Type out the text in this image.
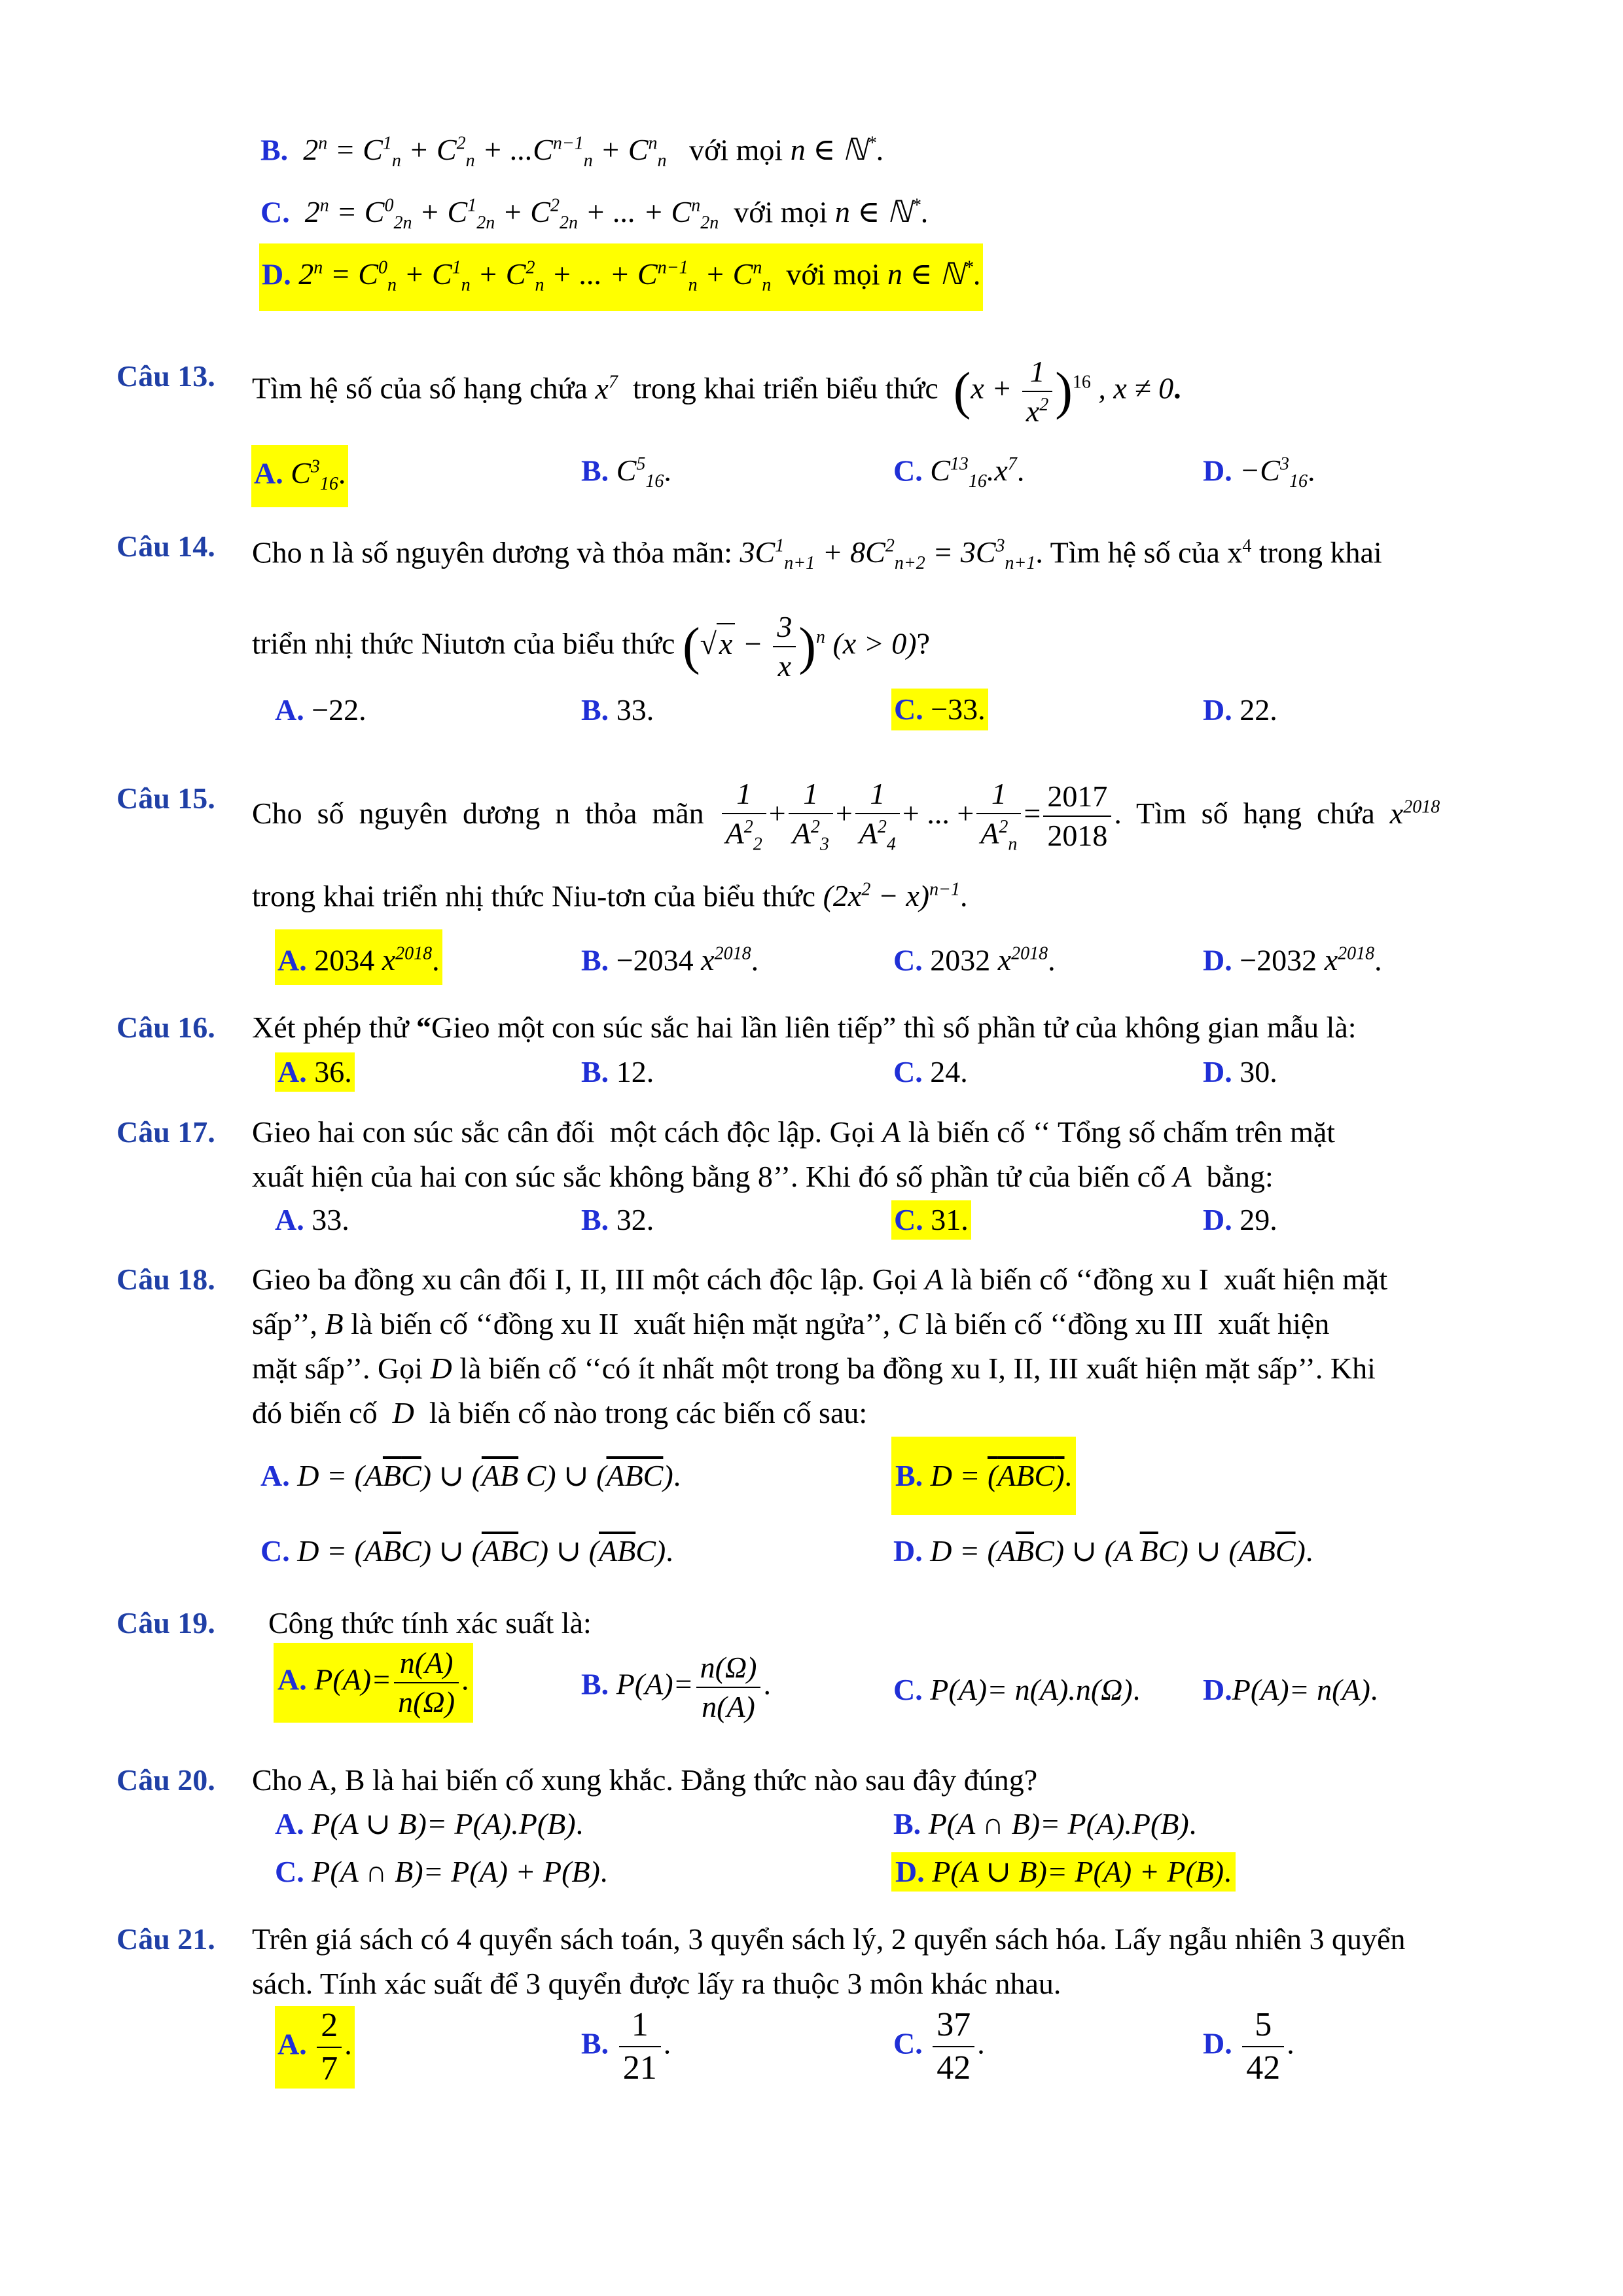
B. $2^n = C^1_n + C^2_n + ...C^{n-1}_n + C^n_n$   với mọi n ∈ ℕ*.
C. $2^n = C^0_{2n} + C^1_{2n} + C^2_{2n}$ + ... + $C^n_{2n}$  với mọi n ∈ ℕ*.
D. $2^n = C^0_n + C^1_n + C^2_n$ + ... + $C^{n-1}_n + C^n_n$  với mọi n ∈ ℕ*.
Câu 13. Tìm hệ số của số hạng chứa $x^7$  trong khai triển biểu thức  $(x + \frac{1}{x^2} )^{16}$ , x ≠ 0.
A. $C^3_{16}$.	B. $C^5_{16}$.	C. $C^{13}_{16}.x^7$.	D. $-C^3_{16}$.
Câu 14. Cho n là số nguyên dương và thỏa mãn: $3C^1_{n+1} + 8C^2_{n+2} = 3C^3_{n+1}$. Tìm hệ số của $x^4$ trong khai
triển nhị thức Niutơn của biểu thức $(√x - \frac{3}{x} )^n$ (x > 0)?
A. −22.	B. 33.	C. −33.	D. 22.
Câu 15. Cho  số  nguyên  dương  n  thỏa  mãn $\frac{1}{A^2_2} + \frac{1}{A^2_3} + \frac{1}{A^2_4}$ + ... + $\frac{1}{A^2_n} = \frac{2017}{2018}$ .  Tìm  số  hạng  chứa  $x^{2018}$
trong khai triển nhị thức Niu-tơn của biểu thức $(2x^2 - x)^{n-1}$.
A. 2034 $x^{2018}$.	B. −2034 $x^{2018}$.	C. 2032 $x^{2018}$.	D. −2032 $x^{2018}$.
Câu 16. Xét phép thử “Gieo một con súc sắc hai lần liên tiếp” thì số phần tử của không gian mẫu là:
A. 36.	B. 12.	C. 24.	D. 30.
Câu 17. Gieo hai con súc sắc cân đối  một cách độc lập. Gọi A là biến cố ‘‘ Tổng số chấm trên mặt
xuất hiện của hai con súc sắc không bằng 8’’. Khi đó số phần tử của biến cố A  bằng:
A. 33.	B. 32.	C. 31.	D. 29.
Câu 18. Gieo ba đồng xu cân đối I, II, III một cách độc lập. Gọi A là biến cố ‘‘đồng xu I  xuất hiện mặt
sấp’’, B là biến cố ‘‘đồng xu II  xuất hiện mặt ngửa’’, C là biến cố ‘‘đồng xu III  xuất hiện
mặt sấp’’. Gọi D là biến cố ‘‘có ít nhất một trong ba đồng xu I, II, III xuất hiện mặt sấp’’. Khi
đó biến cố  D  là biến cố nào trong các biến cố sau:
A. $D = (A\overline{B}\overline{C})$ ∪ ($\overline{AB}$ C) ∪ $(\overline{ABC})$.	B. D = (ABC).
C. $D = (A\overline{B}C)$ ∪ $(\overline{AB}C)$ ∪ $(\overline{AB}C)$.	D. $D = (A\overline{B}C)$ ∪ (A $\overline{B}C$) ∪ $(AB\overline{C})$.
Câu 19. Công thức tính xác suất là:
A. $P(A)= \frac{n(A)}{n(\Omega)}$ .	B. $P(A)= \frac{n(\Omega)}{n(A)}$ .	C. P(A)= n(A).n(Ω). D.P(A)= n(A).
Câu 20. Cho A, B là hai biến cố xung khắc. Đẳng thức nào sau đây đúng?
A. P(A ∪ B)= P(A).P(B).	B. P(A ∩ B)= P(A).P(B).
C. P(A ∩ B)= P(A) + P(B).	D. P(A ∪ B)= P(A) + P(B).
Câu 21. Trên giá sách có 4 quyển sách toán, 3 quyển sách lý, 2 quyển sách hóa. Lấy ngẫu nhiên 3 quyển
sách. Tính xác suất để 3 quyển được lấy ra thuộc 3 môn khác nhau.
A. $\frac{2}{7}$ .	B. $\frac{1}{21}$ .	C. $\frac{37}{42}$ .	D. $\frac{5}{42}$ .
